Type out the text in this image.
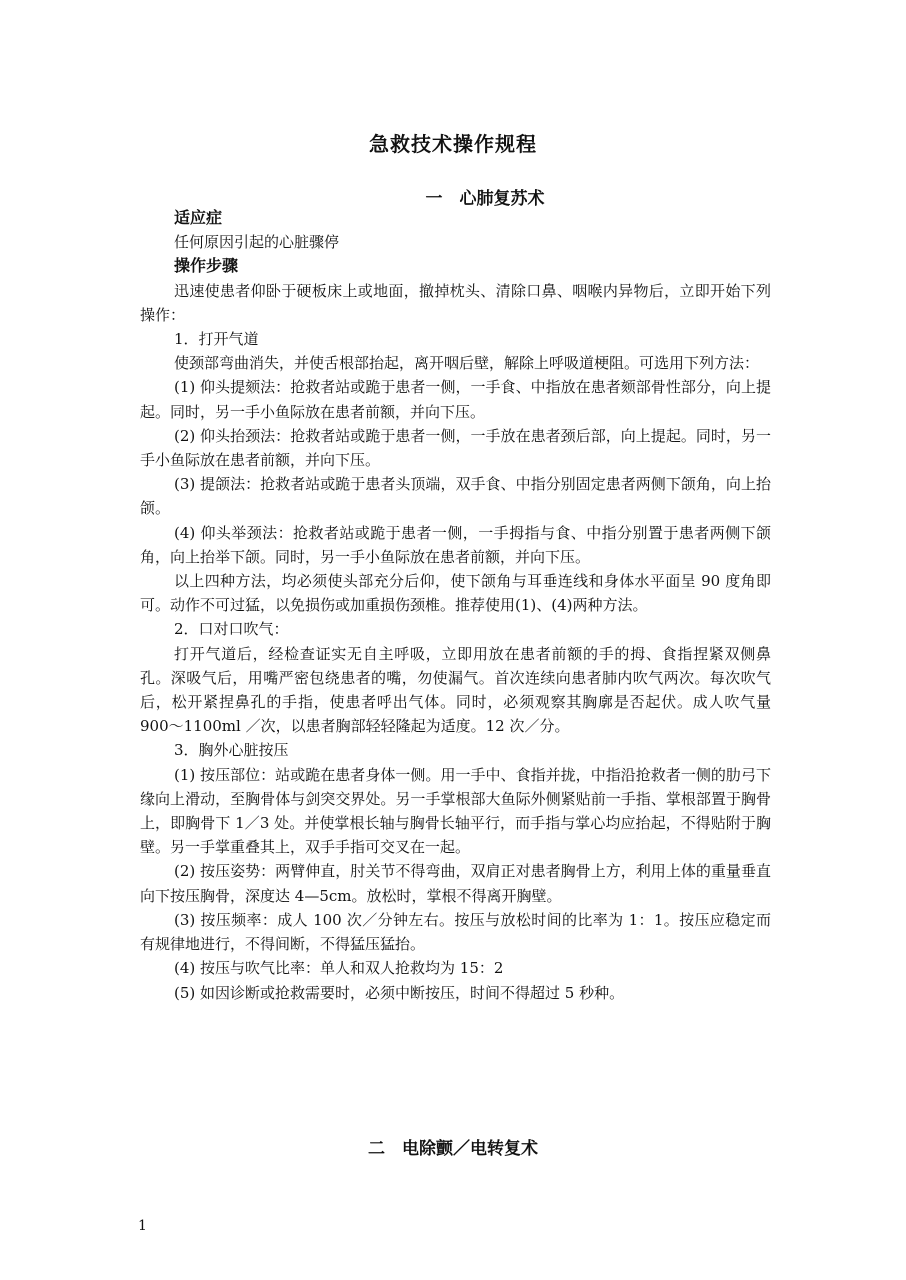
急救技术操作规程
一　心肺复苏术

适应症

任何原因引起的心脏骤停

操作步骤

迅速使患者仰卧于硬板床上或地面，撤掉枕头、清除口鼻、咽喉内异物后，立即开始下列操作：

1．打开气道

使颈部弯曲消失，并使舌根部抬起，离开咽后壁，解除上呼吸道梗阻。可选用下列方法：

(1) 仰头提颏法：抢救者站或跪于患者一侧，一手食、中指放在患者颏部骨性部分，向上提起。同时，另一手小鱼际放在患者前额，并向下压。

(2) 仰头抬颈法：抢救者站或跪于患者一侧，一手放在患者颈后部，向上提起。同时，另一手小鱼际放在患者前额，并向下压。

(3) 提颌法：抢救者站或跪于患者头顶端，双手食、中指分别固定患者两侧下颌角，向上抬颌。

(4) 仰头举颈法：抢救者站或跪于患者一侧，一手拇指与食、中指分别置于患者两侧下颌角，向上抬举下颌。同时，另一手小鱼际放在患者前额，并向下压。

以上四种方法，均必须使头部充分后仰，使下颌角与耳垂连线和身体水平面呈 90 度角即可。动作不可过猛，以免损伤或加重损伤颈椎。推荐使用(1)、(4)两种方法。

2．口对口吹气：

打开气道后，经检查证实无自主呼吸，立即用放在患者前额的手的拇、食指捏紧双侧鼻孔。深吸气后，用嘴严密包绕患者的嘴，勿使漏气。首次连续向患者肺内吹气两次。每次吹气后，松开紧捏鼻孔的手指，使患者呼出气体。同时，必须观察其胸廓是否起伏。成人吹气量 900～1100ml ／次，以患者胸部轻轻隆起为适度。12 次／分。

3．胸外心脏按压

(1) 按压部位：站或跪在患者身体一侧。用一手中、食指并拢，中指沿抢救者一侧的肋弓下缘向上滑动，至胸骨体与剑突交界处。另一手掌根部大鱼际外侧紧贴前一手指、掌根部置于胸骨上，即胸骨下 1／3 处。并使掌根长轴与胸骨长轴平行，而手指与掌心均应抬起，不得贴附于胸壁。另一手掌重叠其上，双手手指可交叉在一起。

(2) 按压姿势：两臂伸直，肘关节不得弯曲，双肩正对患者胸骨上方，利用上体的重量垂直向下按压胸骨，深度达 4—5cm。放松时，掌根不得离开胸壁。

(3) 按压频率：成人 100 次／分钟左右。按压与放松时间的比率为 1：1。按压应稳定而有规律地进行，不得间断，不得猛压猛抬。

(4) 按压与吹气比率：单人和双人抢救均为 15：2

(5) 如因诊断或抢救需要时，必须中断按压，时间不得超过 5 秒种。

二　电除颤／电转复术
1
